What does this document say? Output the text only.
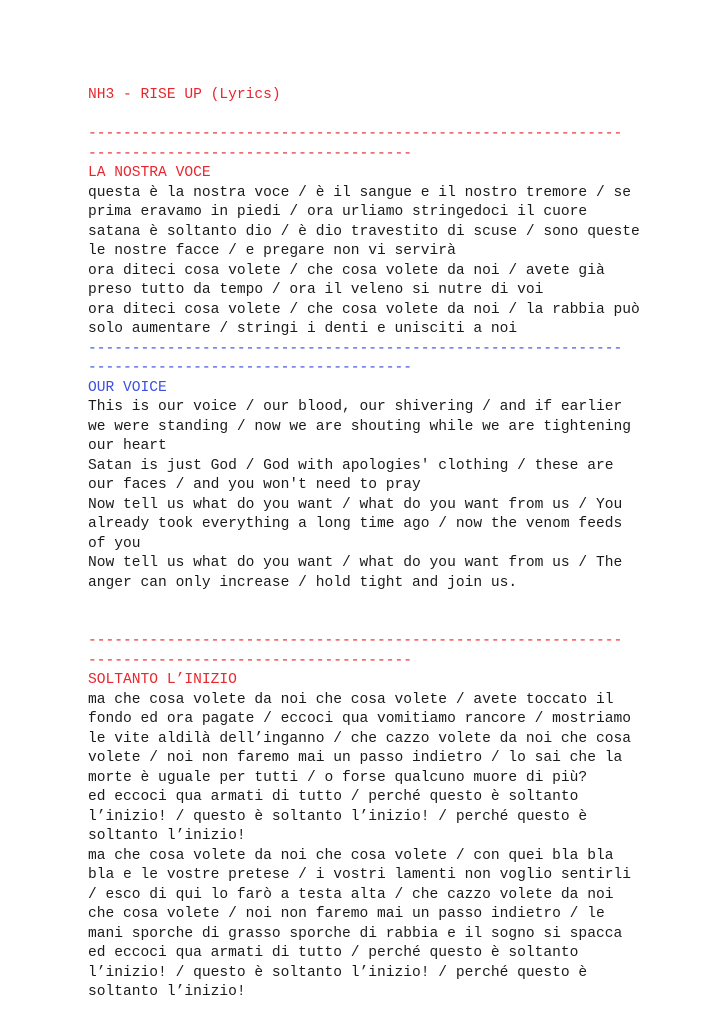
NH3 - RISE UP (Lyrics)
-------------------------------------------------------------
-------------------------------------
LA NOSTRA VOCE
questa è la nostra voce / è il sangue e il nostro tremore / se prima eravamo in piedi / ora urliamo stringedoci il cuore
satana è soltanto dio / è dio travestito di scuse / sono queste le nostre facce / e pregare non vi servirà
ora diteci cosa volete / che cosa volete da noi / avete già preso tutto da tempo / ora il veleno si nutre di voi
ora diteci cosa volete / che cosa volete da noi / la rabbia può solo aumentare / stringi i denti e unisciti a noi
-------------------------------------------------------------
-------------------------------------
OUR VOICE
This is our voice / our blood, our shivering / and if earlier we were standing / now we are shouting while we are tightening our heart
Satan is just God / God with apologies' clothing / these are our faces / and you won't need to pray
Now tell us what do you want / what do you want from us / You already took everything a long time ago / now the venom feeds of you
Now tell us what do you want / what do you want from us / The anger can only increase / hold tight and join us.
-------------------------------------------------------------
-------------------------------------
SOLTANTO L’INIZIO
ma che cosa volete da noi che cosa volete / avete toccato il fondo ed ora pagate / eccoci qua vomitiamo rancore / mostriamo le vite aldilà dell’inganno / che cazzo volete da noi che cosa volete / noi non faremo mai un passo indietro / lo sai che la morte è uguale per tutti / o forse qualcuno muore di più?
ed eccoci qua armati di tutto / perché questo è soltanto l’inizio! / questo è soltanto l’inizio! / perché questo è soltanto l’inizio!
ma che cosa volete da noi che cosa volete / con quei bla bla bla e le vostre pretese / i vostri lamenti non voglio sentirli / esco di qui lo farò a testa alta / che cazzo volete da noi che cosa volete / noi non faremo mai un passo indietro / le mani sporche di grasso sporche di rabbia e il sogno si spacca
ed eccoci qua armati di tutto / perché questo è soltanto l’inizio! / questo è soltanto l’inizio! / perché questo è soltanto l’inizio!
